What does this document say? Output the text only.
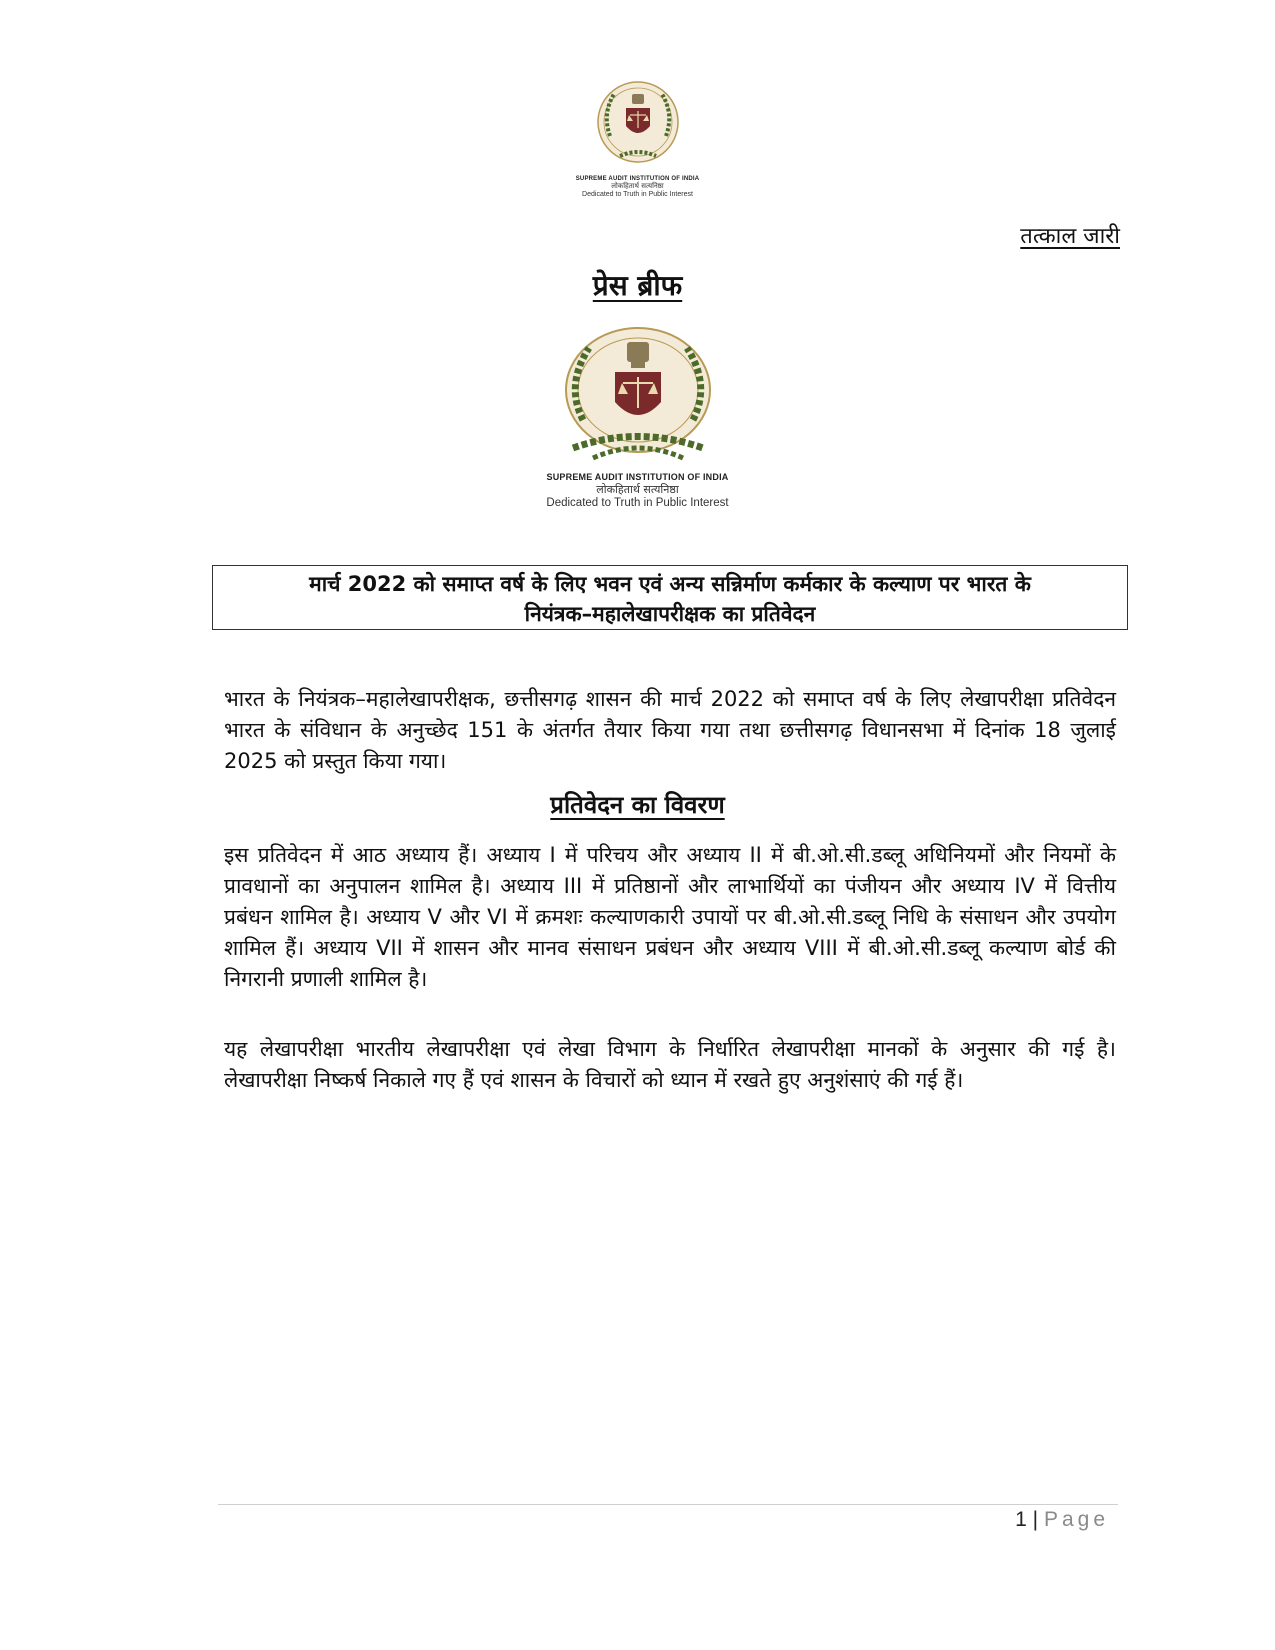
SUPREME AUDIT INSTITUTION OF INDIA
लोकहितार्थ सत्यनिष्ठा
Dedicated to Truth in Public Interest
तत्काल जारी
प्रेस ब्रीफ
SUPREME AUDIT INSTITUTION OF INDIA
लोकहितार्थ सत्यनिष्ठा
Dedicated to Truth in Public Interest
मार्च 2022 को समाप्त वर्ष के लिए भवन एवं अन्य सन्निर्माण कर्मकार के कल्याण पर भारत के
नियंत्रक–महालेखापरीक्षक का प्रतिवेदन

भारत के नियंत्रक–महालेखापरीक्षक, छत्तीसगढ़ शासन की मार्च 2022 को समाप्त वर्ष के लिए लेखापरीक्षा प्रतिवेदन भारत के संविधान के अनुच्छेद 151 के अंतर्गत तैयार किया गया तथा छत्तीसगढ़ विधानसभा में दिनांक 18 जुलाई 2025 को प्रस्तुत किया गया।

प्रतिवेदन का विवरण

इस प्रतिवेदन में आठ अध्याय हैं। अध्याय I में परिचय और अध्याय II में बी.ओ.सी.डब्लू अधिनियमों और नियमों के प्रावधानों का अनुपालन शामिल है। अध्याय III में प्रतिष्ठानों और लाभार्थियों का पंजीयन और अध्याय IV में वित्तीय प्रबंधन शामिल है। अध्याय V और VI में क्रमशः कल्याणकारी उपायों पर बी.ओ.सी.डब्लू निधि के संसाधन और उपयोग शामिल हैं। अध्याय VII में शासन और मानव संसाधन प्रबंधन और अध्याय VIII में बी.ओ.सी.डब्लू कल्याण बोर्ड की निगरानी प्रणाली शामिल है।

यह लेखापरीक्षा भारतीय लेखापरीक्षा एवं लेखा विभाग के निर्धारित लेखापरीक्षा मानकों के अनुसार की गई है। लेखापरीक्षा निष्कर्ष निकाले गए हैं एवं शासन के विचारों को ध्यान में रखते हुए अनुशंसाएं की गई हैं।

1 | Page
